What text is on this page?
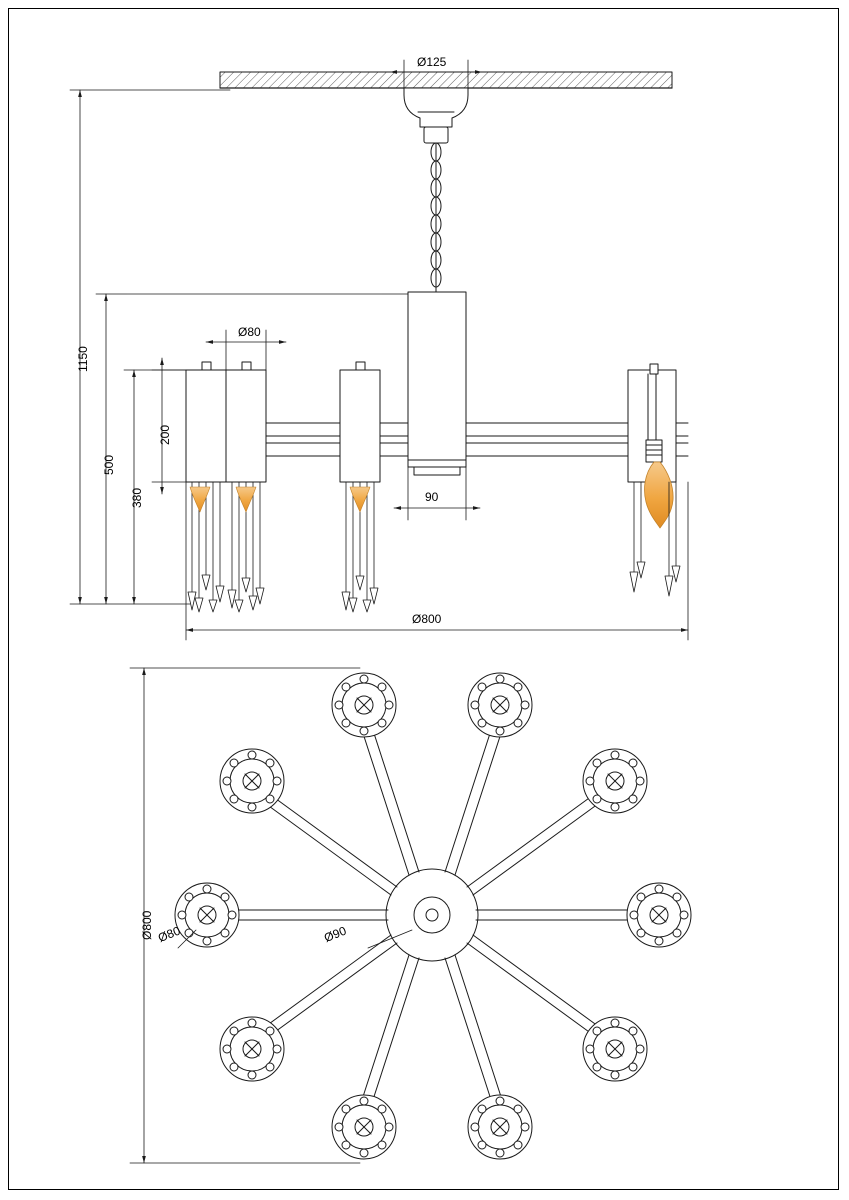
Ø125
Ø80
90
Ø800
1150
500
380
200
Ø800 Ø80	Ø90
